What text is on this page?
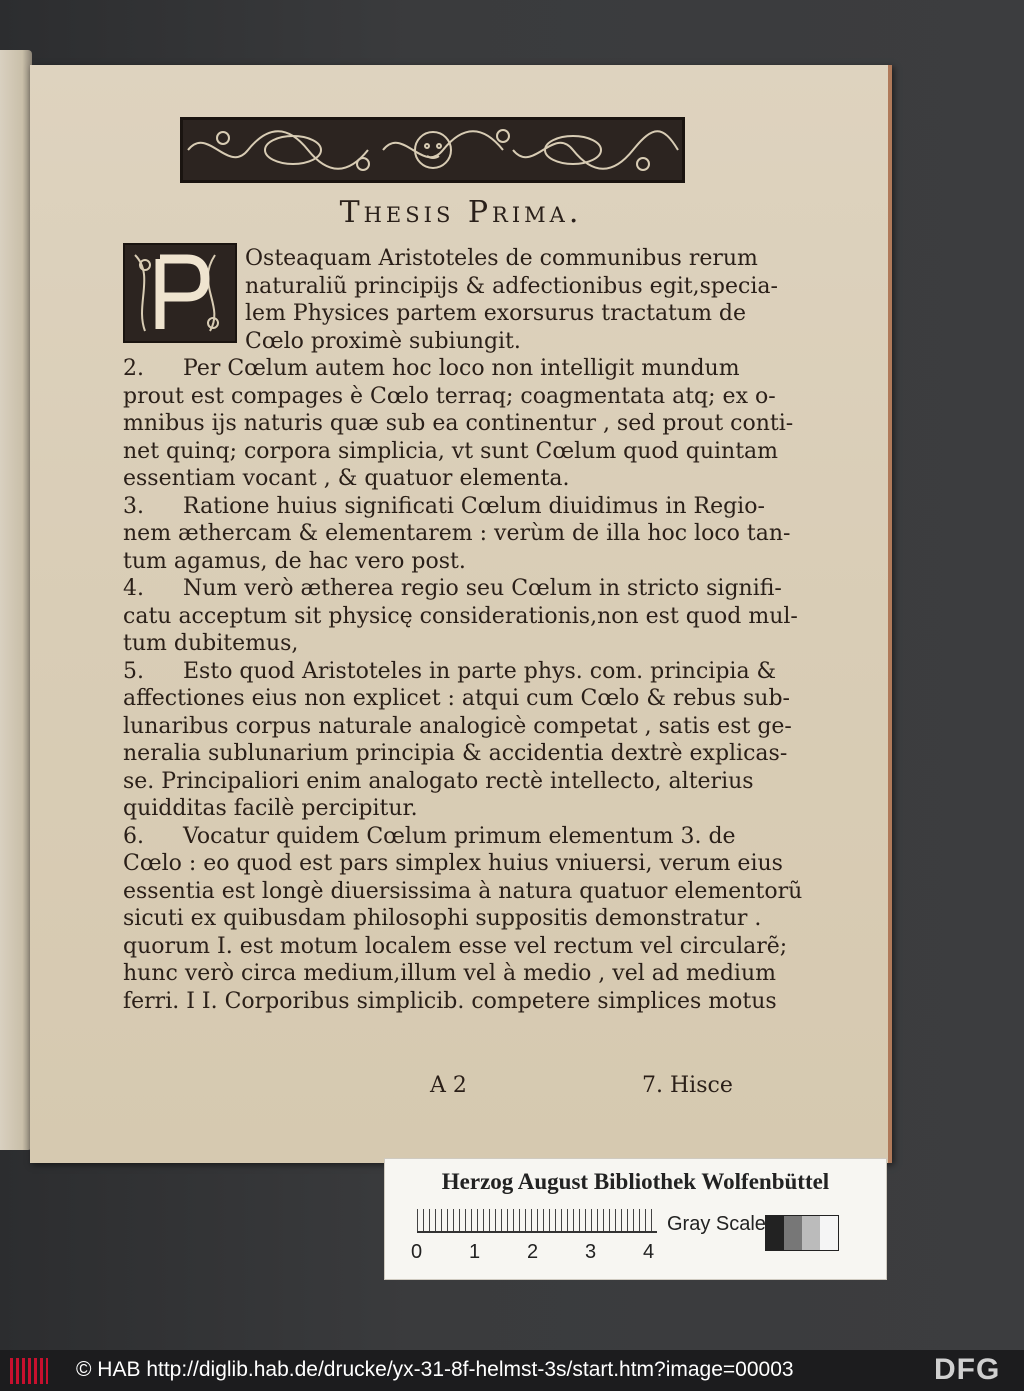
Thesis Prima.
Osteaquam Aristoteles de communibus rerum
naturaliũ principijs & adfectionibus egit,specia-
lem Physices partem exorsurus tractatum de
Cœlo proximè subiungit.
2. Per Cœlum autem hoc loco non intelligit mundum
prout est compages è Cœlo terraq; coagmentata atq; ex o-
mnibus ijs naturis quæ sub ea continentur , sed prout conti-
net quinq; corpora simplicia, vt sunt Cœlum quod quintam
essentiam vocant , & quatuor elementa.
3. Ratione huius significati Cœlum diuidimus in Regio-
nem æthercam & elementarem : verùm de illa hoc loco tan-
tum agamus, de hac vero post.
4. Num verò ætherea regio seu Cœlum in stricto signifi-
catu acceptum sit physicę considerationis,non est quod mul-
tum dubitemus,
5. Esto quod Aristoteles in parte phys. com. principia &
affectiones eius non explicet : atqui cum Cœlo & rebus sub-
lunaribus corpus naturale analogicè competat , satis est ge-
neralia sublunarium principia & accidentia dextrè explicas-
se. Principaliori enim analogato rectè intellecto, alterius
quidditas facilè percipitur.
6. Vocatur quidem Cœlum primum elementum 3. de
Cœlo : eo quod est pars simplex huius vniuersi, verum eius
essentia est longè diuersissima à natura quatuor elementorũ
sicuti ex quibusdam philosophi suppositis demonstratur .
quorum I. est motum localem esse vel rectum vel circularẽ;
hunc verò circa medium,illum vel à medio , vel ad medium
ferri. I I. Corporibus simplicib. competere simplices motus
A 2	7. Hisce
Herzog August Bibliothek Wolfenbüttel
0 1 2 3 4
Gray Scale
© HAB http://diglib.hab.de/drucke/yx-31-8f-helmst-3s/start.htm?image=00003	DFG
